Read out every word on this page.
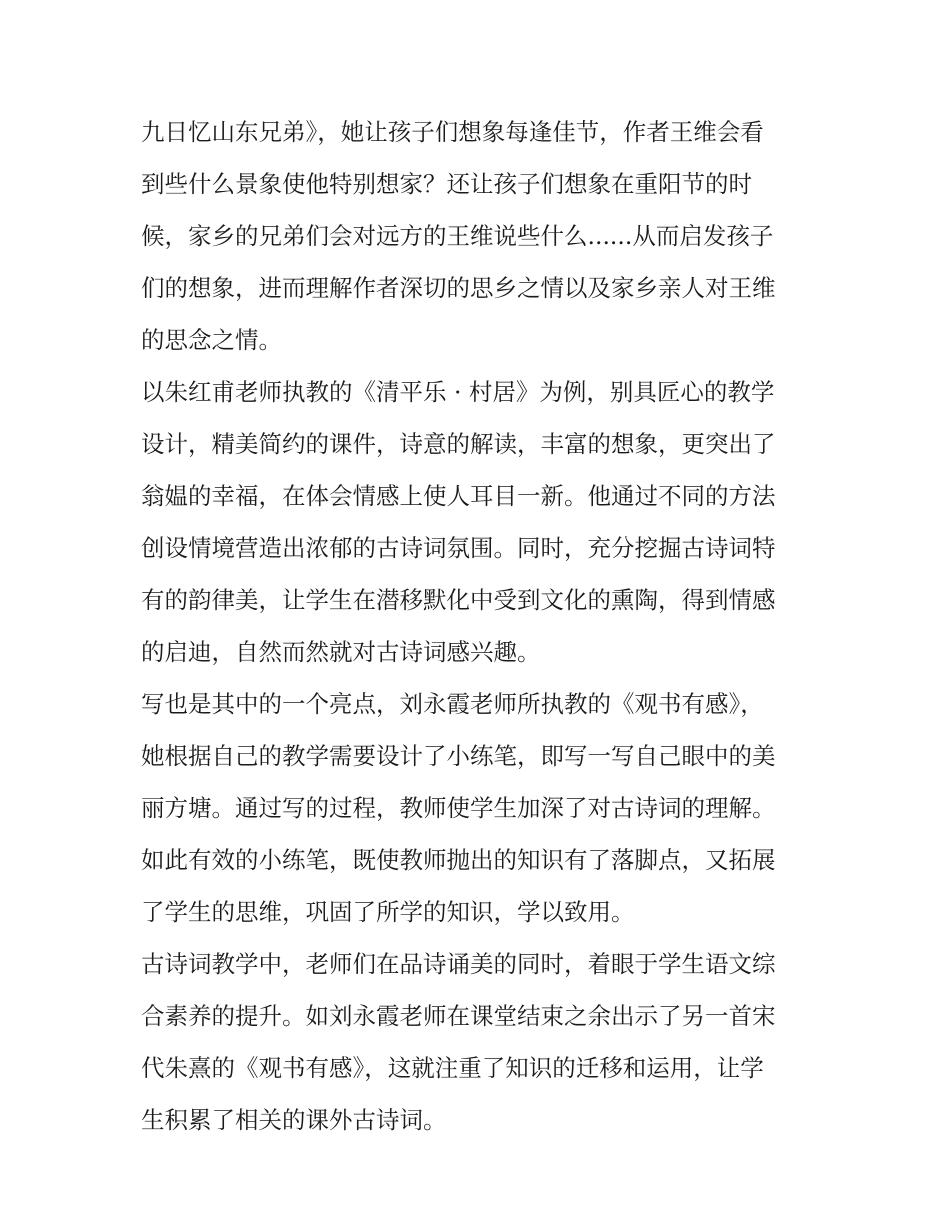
九日忆山东兄弟》，她让孩子们想象每逢佳节，作者王维会看
到些什么景象使他特别想家？还让孩子们想象在重阳节的时
候，家乡的兄弟们会对远方的王维说些什么......从而启发孩子
们的想象，进而理解作者深切的思乡之情以及家乡亲人对王维
的思念之情。
以朱红甫老师执教的《清平乐 · 村居》为例，别具匠心的教学
设计，精美简约的课件，诗意的解读，丰富的想象，更突出了
翁媪的幸福，在体会情感上使人耳目一新。他通过不同的方法
创设情境营造出浓郁的古诗词氛围。同时，充分挖掘古诗词特
有的韵律美，让学生在潜移默化中受到文化的熏陶，得到情感
的启迪，自然而然就对古诗词感兴趣。
写也是其中的一个亮点，刘永霞老师所执教的《观书有感》，
她根据自己的教学需要设计了小练笔，即写一写自己眼中的美
丽方塘。通过写的过程，教师使学生加深了对古诗词的理解。
如此有效的小练笔，既使教师抛出的知识有了落脚点，又拓展
了学生的思维，巩固了所学的知识，学以致用。
古诗词教学中，老师们在品诗诵美的同时，着眼于学生语文综
合素养的提升。如刘永霞老师在课堂结束之余出示了另一首宋
代朱熹的《观书有感》，这就注重了知识的迁移和运用，让学
生积累了相关的课外古诗词。
